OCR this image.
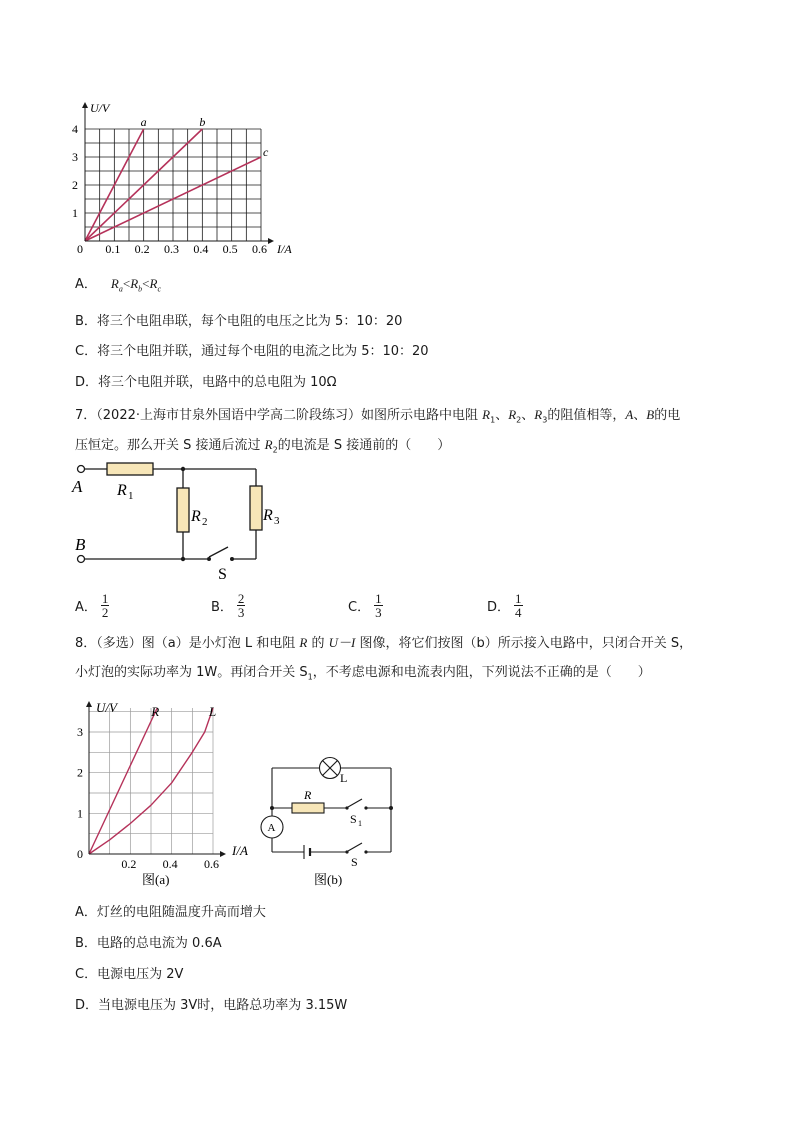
U/V
I/A
0
1
2
3
4
0.1 0.2 0.3 0.4 0.5 0.6
a	b
c
A． $R_a<R_b<R_c$
B．将三个电阻串联，每个电阻的电压之比为 5：10：20
C．将三个电阻并联，通过每个电阻的电流之比为 5：10：20
D．将三个电阻并联，电路中的总电阻为 10Ω
7．（2022·上海市甘泉外国语中学高二阶段练习）如图所示电路中电阻 $R_1$、$R_2$、$R_3$的阻值相等，A、B的电
压恒定。那么开关 S 接通后流过 $R_2$的电流是 S 接通前的（　　）
A
B
R 1
R 2	R 3
S
A． $\frac{1}{2}$	B． $\frac{2}{3}$	C． $\frac{1}{3}$	D． $\frac{1}{4}$
8．（多选）图（a）是小灯泡 L 和电阻 R 的 U－I 图像，将它们按图（b）所示接入电路中，只闭合开关 S，
小灯泡的实际功率为 1W。再闭合开关 $S_1$，不考虑电源和电流表内阻，下列说法不正确的是（　　）
U/V
I/A
0
1
2
3
0.2 0.4 0.6
R	L
图(a)
L
R
A
S 1
S
图(b)
A．灯丝的电阻随温度升高而增大
B．电路的总电流为 0.6A
C．电源电压为 2V
D．当电源电压为 3V时，电路总功率为 3.15W
